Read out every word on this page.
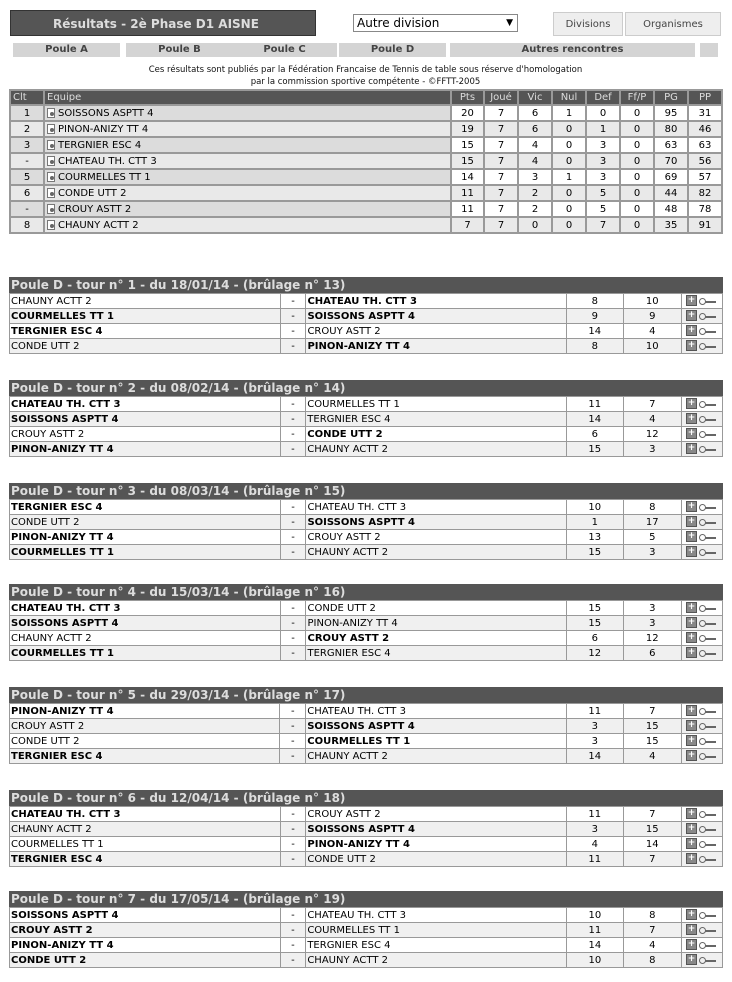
Résultats - 2è Phase D1 AISNE	Autre division	▼	Divisions	Organismes
Poule A	Poule B	Poule C	Poule D	Autres rencontres
Ces résultats sont publiés par la Fédération Francaise de Tennis de table sous réserve d'homologation
par la commission sportive compétente - ©FFTT-2005
Clt	Equipe	Pts	Joué	Vic	Nul	Def	Ff/P	PG	PP
1	SOISSONS ASPTT 4	20	7	6	1	0	0	95	31
2	PINON-ANIZY TT 4	19	7	6	0	1	0	80	46
3	TERGNIER ESC 4	15	7	4	0	3	0	63	63
-	CHATEAU TH. CTT 3	15	7	4	0	3	0	70	56
5	COURMELLES TT 1	14	7	3	1	3	0	69	57
6	CONDE UTT 2	11	7	2	0	5	0	44	82
-	CROUY ASTT 2	11	7	2	0	5	0	48	78
8	CHAUNY ACTT 2	7	7	0	0	7	0	35	91
Poule D - tour n° 1 - du 18/01/14 - (brûlage n° 13)
CHAUNY ACTT 2	-	CHATEAU TH. CTT 3	8	10	+
COURMELLES TT 1	-	SOISSONS ASPTT 4	9	9	+
TERGNIER ESC 4	-	CROUY ASTT 2	14	4	+
CONDE UTT 2	-	PINON-ANIZY TT 4	8	10	+
Poule D - tour n° 2 - du 08/02/14 - (brûlage n° 14)
CHATEAU TH. CTT 3	-	COURMELLES TT 1	11	7	+
SOISSONS ASPTT 4	-	TERGNIER ESC 4	14	4	+
CROUY ASTT 2	-	CONDE UTT 2	6	12	+
PINON-ANIZY TT 4	-	CHAUNY ACTT 2	15	3	+
Poule D - tour n° 3 - du 08/03/14 - (brûlage n° 15)
TERGNIER ESC 4	-	CHATEAU TH. CTT 3	10	8	+
CONDE UTT 2	-	SOISSONS ASPTT 4	1	17	+
PINON-ANIZY TT 4	-	CROUY ASTT 2	13	5	+
COURMELLES TT 1	-	CHAUNY ACTT 2	15	3	+
Poule D - tour n° 4 - du 15/03/14 - (brûlage n° 16)
CHATEAU TH. CTT 3	-	CONDE UTT 2	15	3	+
SOISSONS ASPTT 4	-	PINON-ANIZY TT 4	15	3	+
CHAUNY ACTT 2	-	CROUY ASTT 2	6	12	+
COURMELLES TT 1	-	TERGNIER ESC 4	12	6	+
Poule D - tour n° 5 - du 29/03/14 - (brûlage n° 17)
PINON-ANIZY TT 4	-	CHATEAU TH. CTT 3	11	7	+
CROUY ASTT 2	-	SOISSONS ASPTT 4	3	15	+
CONDE UTT 2	-	COURMELLES TT 1	3	15	+
TERGNIER ESC 4	-	CHAUNY ACTT 2	14	4	+
Poule D - tour n° 6 - du 12/04/14 - (brûlage n° 18)
CHATEAU TH. CTT 3	-	CROUY ASTT 2	11	7	+
CHAUNY ACTT 2	-	SOISSONS ASPTT 4	3	15	+
COURMELLES TT 1	-	PINON-ANIZY TT 4	4	14	+
TERGNIER ESC 4	-	CONDE UTT 2	11	7	+
Poule D - tour n° 7 - du 17/05/14 - (brûlage n° 19)
SOISSONS ASPTT 4	-	CHATEAU TH. CTT 3	10	8	+
CROUY ASTT 2	-	COURMELLES TT 1	11	7	+
PINON-ANIZY TT 4	-	TERGNIER ESC 4	14	4	+
CONDE UTT 2	-	CHAUNY ACTT 2	10	8	+
